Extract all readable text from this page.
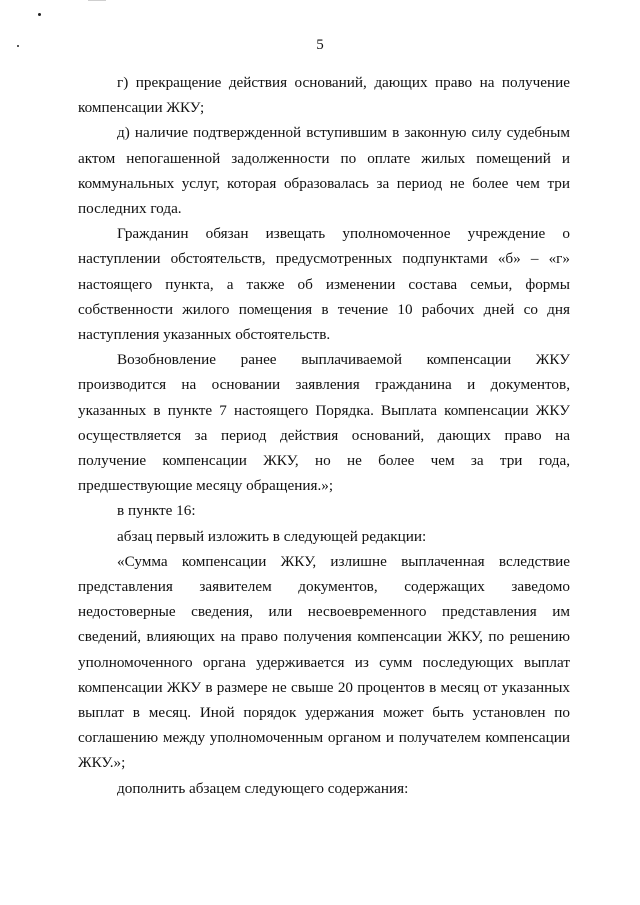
5

г) прекращение действия оснований, дающих право на получение компенсации ЖКУ;

д) наличие подтвержденной вступившим в законную силу судебным актом непогашенной задолженности по оплате жилых помещений и коммунальных услуг, которая образовалась за период не более чем три последних года.

Гражданин обязан извещать уполномоченное учреждение о наступлении обстоятельств, предусмотренных подпунктами «б» – «г» настоящего пункта, а также об изменении состава семьи, формы собственности жилого помещения в течение 10 рабочих дней со дня наступления указанных обстоятельств.

Возобновление ранее выплачиваемой компенсации ЖКУ производится на основании заявления гражданина и документов, указанных в пункте 7 настоящего Порядка. Выплата компенсации ЖКУ осуществляется за период действия оснований, дающих право на получение компенсации ЖКУ, но не более чем за три года, предшествующие месяцу обращения.»;

в пункте 16:

абзац первый изложить в следующей редакции:

«Сумма компенсации ЖКУ, излишне выплаченная вследствие представления заявителем документов, содержащих заведомо недостоверные сведения, или несвоевременного представления им сведений, влияющих на право получения компенсации ЖКУ, по решению уполномоченного органа удерживается из сумм последующих выплат компенсации ЖКУ в размере не свыше 20 процентов в месяц от указанных выплат в месяц. Иной порядок удержания может быть установлен по соглашению между уполномоченным органом и получателем компенсации ЖКУ.»;

дополнить абзацем следующего содержания:
